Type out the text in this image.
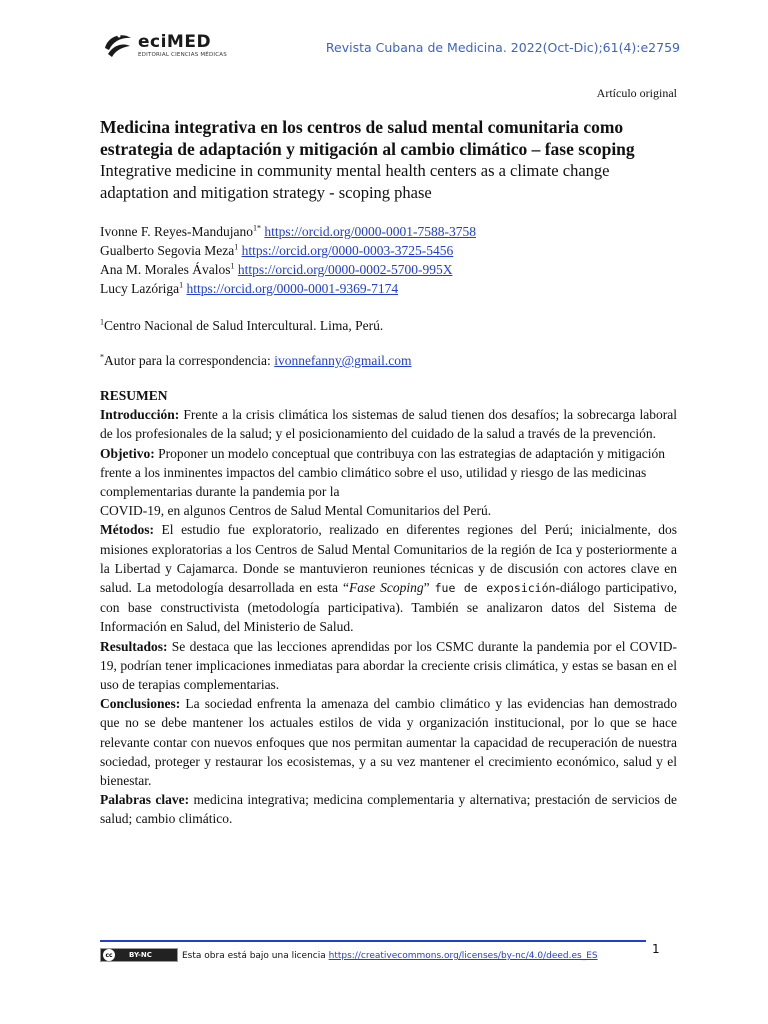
eciMED
EDITORIAL CIENCIAS MÉDICAS	Revista Cubana de Medicina. 2022(Oct-Dic);61(4):e2759
Artículo original

Medicina integrativa en los centros de salud mental comunitaria como estrategia de adaptación y mitigación al cambio climático – fase scoping

Integrative medicine in community mental health centers as a climate change adaptation and mitigation strategy - scoping phase

Ivonne F. Reyes-Mandujano$^{1*}$ https://orcid.org/0000-0001-7588-3758
Gualberto Segovia Meza$^1$ https://orcid.org/0000-0003-3725-5456
Ana M. Morales Ávalos$^1$ https://orcid.org/0000-0002-5700-995X
Lucy Lazóriga$^1$ https://orcid.org/0000-0001-9369-7174

$^1$Centro Nacional de Salud Intercultural. Lima, Perú.

*Autor para la correspondencia: ivonnefanny@gmail.com

RESUMEN

Introducción: Frente a la crisis climática los sistemas de salud tienen dos desafíos; la sobrecarga laboral de los profesionales de la salud; y el posicionamiento del cuidado de la salud a través de la prevención.

Objetivo: Proponer un modelo conceptual que contribuya con las estrategias de adaptación y mitigación frente a los inminentes impactos del cambio climático sobre el uso, utilidad y riesgo de las medicinas complementarias durante la pandemia por la

COVID-19, en algunos Centros de Salud Mental Comunitarios del Perú.

Métodos: El estudio fue exploratorio, realizado en diferentes regiones del Perú; inicialmente, dos misiones exploratorias a los Centros de Salud Mental Comunitarios de la región de Ica y posteriormente a la Libertad y Cajamarca. Donde se mantuvieron reuniones técnicas y de discusión con actores clave en salud. La metodología desarrollada en esta “Fase Scoping” fue de exposición-diálogo participativo, con base constructivista (metodología participativa). También se analizaron datos del Sistema de Información en Salud, del Ministerio de Salud.

Resultados: Se destaca que las lecciones aprendidas por los CSMC durante la pandemia por el COVID-19, podrían tener implicaciones inmediatas para abordar la creciente crisis climática, y estas se basan en el uso de terapias complementarias.

Conclusiones: La sociedad enfrenta la amenaza del cambio climático y las evidencias han demostrado que no se debe mantener los actuales estilos de vida y organización institucional, por lo que se hace relevante contar con nuevos enfoques que nos permitan aumentar la capacidad de recuperación de nuestra sociedad, proteger y restaurar los ecosistemas, y a su vez mantener el crecimiento económico, salud y el bienestar.

Palabras clave: medicina integrativa; medicina complementaria y alternativa; prestación de servicios de salud; cambio climático.

1
cc	BY-NC	Esta obra está bajo una licencia https://creativecommons.org/licenses/by-nc/4.0/deed.es_ES
